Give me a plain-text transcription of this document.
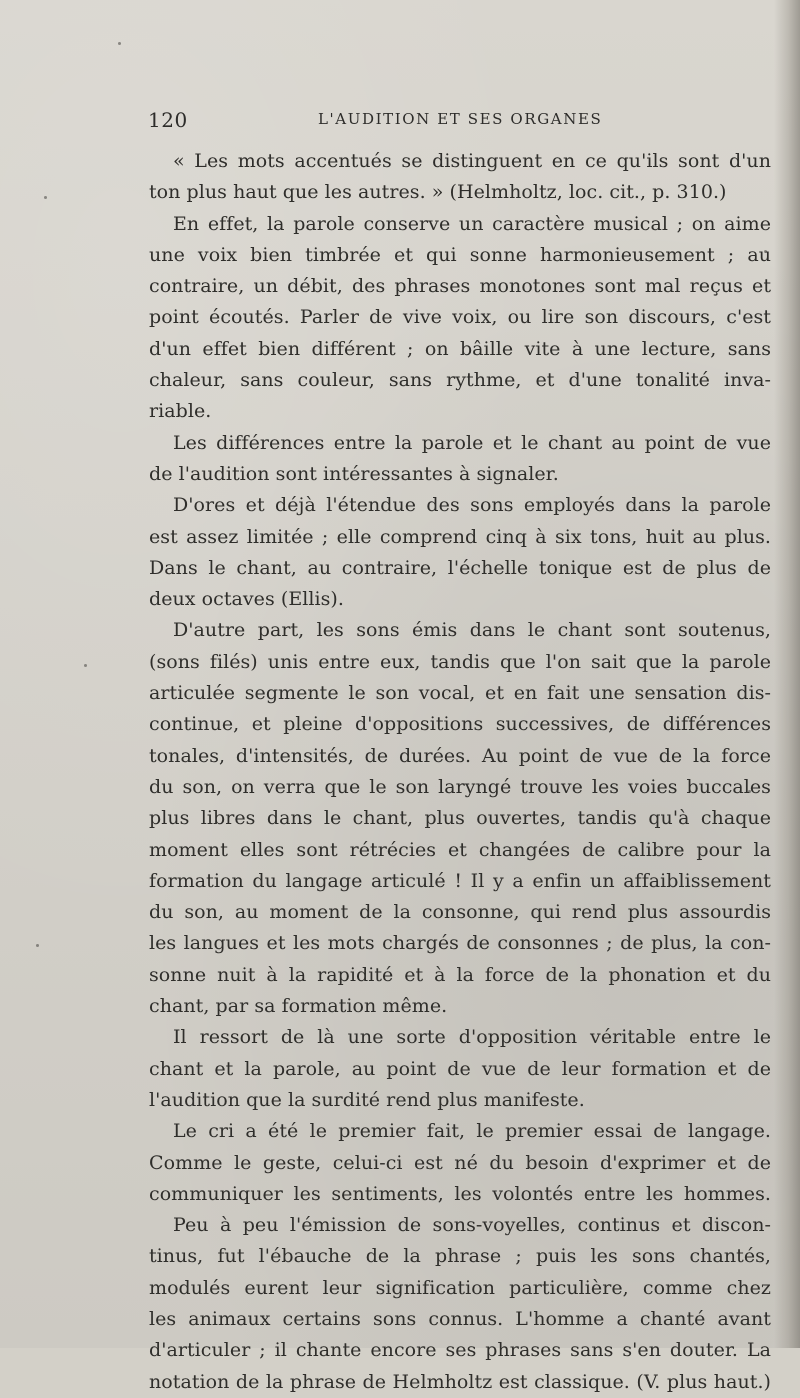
120	L'AUDITION ET SES ORGANES
« Les mots accentués se distinguent en ce qu'ils sont d'un
ton plus haut que les autres. » (Helmholtz, loc. cit., p. 310.)
En effet, la parole conserve un caractère musical ; on aime
une voix bien timbrée et qui sonne harmonieusement ; au
contraire, un débit, des phrases monotones sont mal reçus et
point écoutés. Parler de vive voix, ou lire son discours, c'est
d'un effet bien différent ; on bâille vite à une lecture, sans
chaleur, sans couleur, sans rythme, et d'une tonalité inva-
riable.
Les différences entre la parole et le chant au point de vue
de l'audition sont intéressantes à signaler.
D'ores et déjà l'étendue des sons employés dans la parole
est assez limitée ; elle comprend cinq à six tons, huit au plus.
Dans le chant, au contraire, l'échelle tonique est de plus de
deux octaves (Ellis).
D'autre part, les sons émis dans le chant sont soutenus,
(sons filés) unis entre eux, tandis que l'on sait que la parole
articulée segmente le son vocal, et en fait une sensation dis-
continue, et pleine d'oppositions successives, de différences
tonales, d'intensités, de durées. Au point de vue de la force
du son, on verra que le son laryngé trouve les voies buccales
plus libres dans le chant, plus ouvertes, tandis qu'à chaque
moment elles sont rétrécies et changées de calibre pour la
formation du langage articulé ! Il y a enfin un affaiblissement
du son, au moment de la consonne, qui rend plus assourdis
les langues et les mots chargés de consonnes ; de plus, la con-
sonne nuit à la rapidité et à la force de la phonation et du
chant, par sa formation même.
Il ressort de là une sorte d'opposition véritable entre le
chant et la parole, au point de vue de leur formation et de
l'audition que la surdité rend plus manifeste.
Le cri a été le premier fait, le premier essai de langage.
Comme le geste, celui-ci est né du besoin d'exprimer et de
communiquer les sentiments, les volontés entre les hommes.
Peu à peu l'émission de sons-voyelles, continus et discon-
tinus, fut l'ébauche de la phrase ; puis les sons chantés,
modulés eurent leur signification particulière, comme chez
les animaux certains sons connus. L'homme a chanté avant
d'articuler ; il chante encore ses phrases sans s'en douter. La
notation de la phrase de Helmholtz est classique. (V. plus haut.)
